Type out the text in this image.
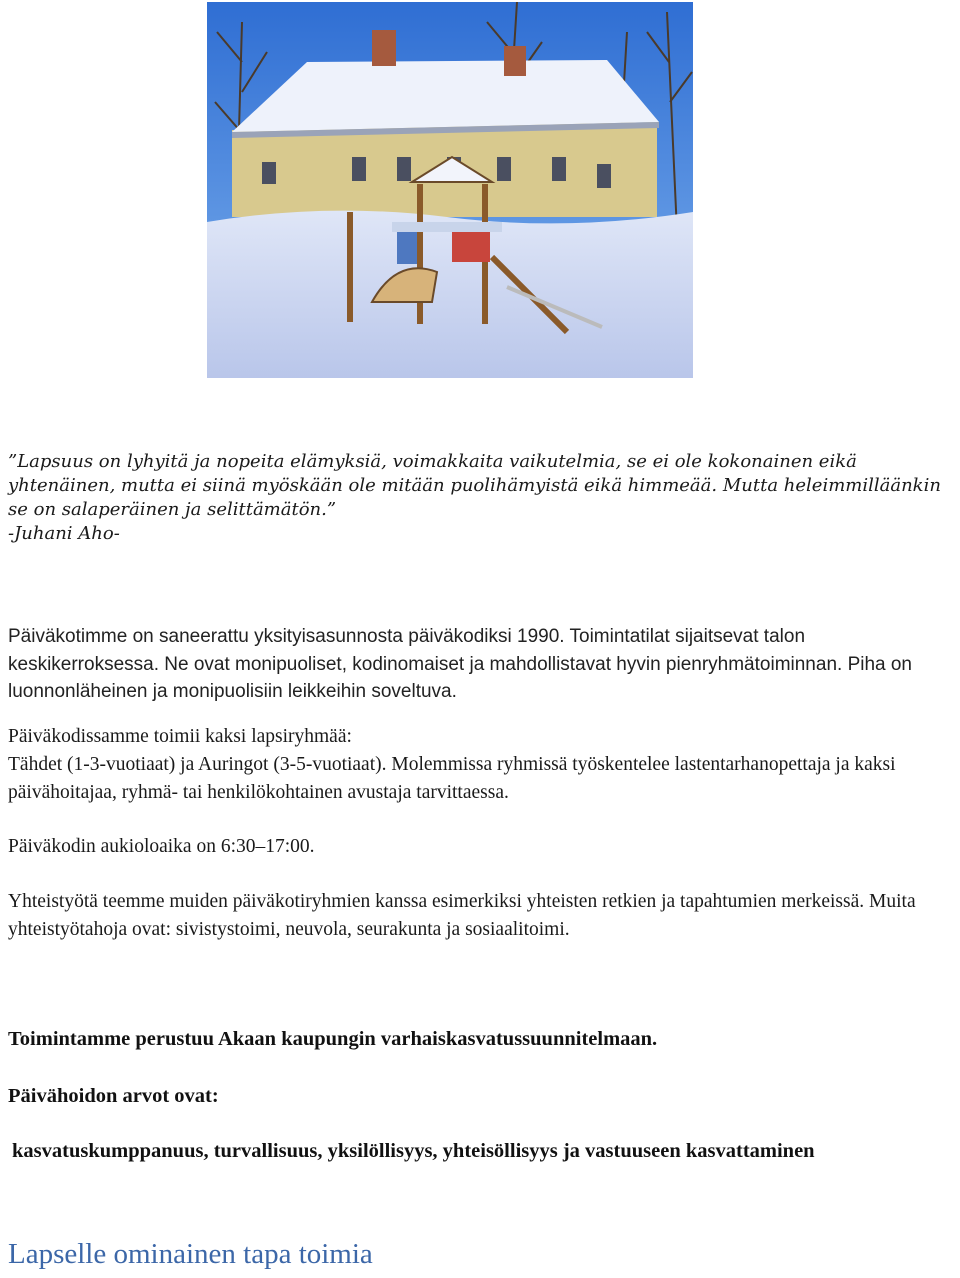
”Lapsuus on lyhyitä ja nopeita elämyksiä, voimakkaita vaikutelmia, se ei ole kokonainen eikä yhtenäinen, mutta ei siinä myöskään ole mitään puolihämyistä eikä himmeää. Mutta heleimmilläänkin se on salaperäinen ja selittämätön.”

-Juhani Aho-

Päiväkotimme on saneerattu yksityisasunnosta päiväkodiksi 1990. Toimintatilat sijaitsevat talon keskikerroksessa. Ne ovat monipuoliset, kodinomaiset ja mahdollistavat hyvin pienryhmätoiminnan. Piha on luonnonläheinen ja monipuolisiin leikkeihin soveltuva.

Päiväkodissamme toimii kaksi lapsiryhmää:

Tähdet (1-3-vuotiaat) ja Auringot (3-5-vuotiaat). Molemmissa ryhmissä työskentelee lastentarhanopettaja ja kaksi päivähoitajaa, ryhmä- tai henkilökohtainen avustaja tarvittaessa.

Päiväkodin aukioloaika on 6:30–17:00.

Yhteistyötä teemme muiden päiväkotiryhmien kanssa esimerkiksi yhteisten retkien ja tapahtumien merkeissä. Muita yhteistyötahoja ovat: sivistystoimi, neuvola, seurakunta ja sosiaalitoimi.

Toimintamme perustuu Akaan kaupungin varhaiskasvatussuunnitelmaan.
Päivähoidon arvot ovat:
kasvatuskumppanuus, turvallisuus, yksilöllisyys, yhteisöllisyys ja vastuuseen kasvattaminen
Lapselle ominainen tapa toimia
